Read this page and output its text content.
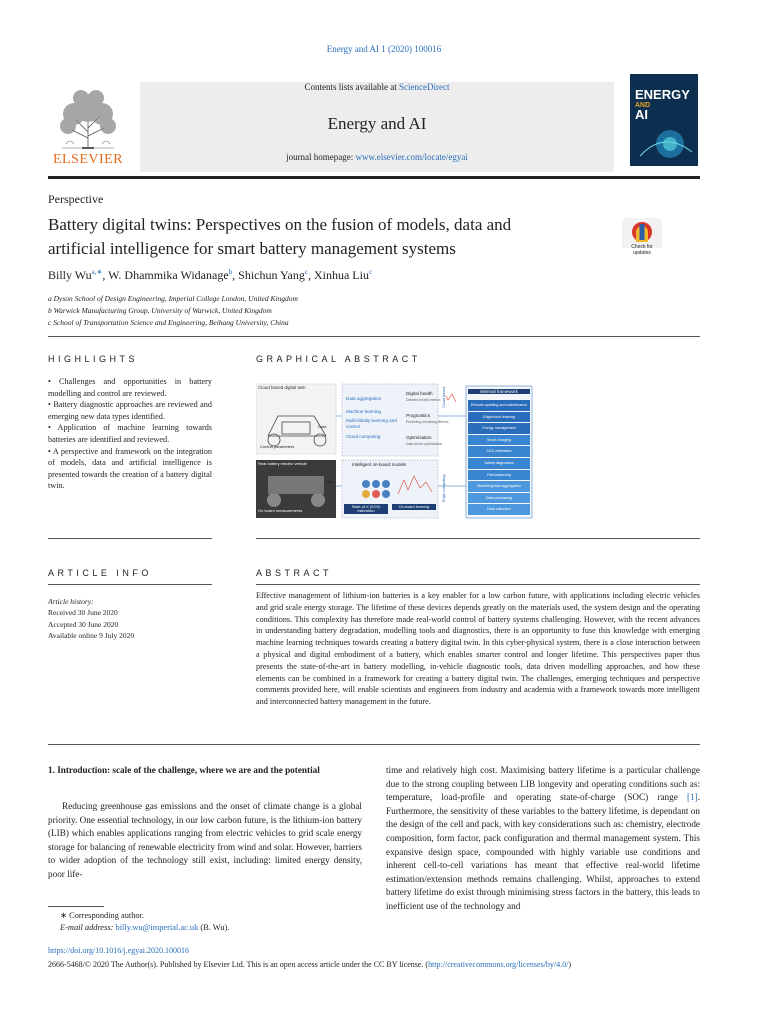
Energy and AI 1 (2020) 100016
ELSEVIER
Contents lists available at ScienceDirect
Energy and AI
journal homepage: www.elsevier.com/locate/egyai
ENERGY
AND
AI
Perspective
Battery digital twins: Perspectives on the fusion of models, data and
artificial intelligence for smart battery management systems	Check for
updates
Billy $Wu^{a,∗}$, W. Dhammika Widanage$^b$, Shichun Yang$^c$, Xinhua Liu$^c$
a Dyson School of Design Engineering, Imperial College London, United Kingdom
b Warwick Manufacturing Group, University of Warwick, United Kingdom
c School of Transportation Science and Engineering, Beihang University, China
HIGHLIGHTS
• Challenges and opportunities in battery modelling and control are reviewed.
• Battery diagnostic approaches are reviewed and emerging new data types identified.
• Application of machine learning towards batteries are identified and reviewed.
• A perspective and framework on the integration of models, data and artificial intelligence is presented towards the creation of a battery digital twin.
GRAPHICAL ABSTRACT
Cloud based digital twin
Data aggregation
Machine learning
Multi-fidelity learning and control
Cloud computing
Digital health
Detailed health metrics
Prognostics
Predicting remaining lifetime
Optimisation
Data driven optimisation
Minimal framework
Remote updating and maintenance
Edge/cloud learning
Energy management
Smart charging
SOC estimation
Safety diagnostics
Fast-balancing
Modelling/data aggregation
Data processing
Data collection
Control parameters
Data
Real battery electric vehicle
On board measurements
Data
Intelligent on-board models
State-of-X (SOX) estimation
On-board learning
Cloud based
Edge computing
ARTICLE INFO
Article history:
Received 30 June 2020
Accepted 30 June 2020
Available online 9 July 2020
ABSTRACT
Effective management of lithium-ion batteries is a key enabler for a low carbon future, with applications including electric vehicles and grid scale energy storage. The lifetime of these devices depends greatly on the materials used, the system design and the operating conditions. This complexity has therefore made real-world control of battery systems challenging. However, with the recent advances in understanding battery degradation, modelling tools and diagnostics, there is an opportunity to fuse this knowledge with emerging machine learning techniques towards creating a battery digital twin. In this cyber-physical system, there is a close interaction between a physical and digital embodiment of a battery, which enables smarter control and longer lifetime. This perspectives paper thus presents the state-of-the-art in battery modelling, in-vehicle diagnostic tools, data driven modelling approaches, and how these elements can be combined in a framework for creating a battery digital twin. The challenges, emerging techniques and perspective comments provided here, will enable scientists and engineers from industry and academia with a framework towards more intelligent and interconnected battery management in the future.
1. Introduction: scale of the challenge, where we are and the potential
Reducing greenhouse gas emissions and the onset of climate change is a global priority. One essential technology, in our low carbon future, is the lithium-ion battery (LIB) which enables applications ranging from electric vehicles to grid scale energy storage for balancing of renewable electricity from wind and solar. However, barriers to wider adoption of the technology still exist, including: limited energy density, poor life-
time and relatively high cost. Maximising battery lifetime is a particular challenge due to the strong coupling between LIB longevity and operating conditions such as: temperature, load-profile and operating state-of-charge (SOC) range [1]. Furthermore, the sensitivity of these variables to the battery lifetime, is dependant on the design of the cell and pack, with key considerations such as: chemistry, electrode composition, form factor, pack configuration and thermal management system. This expansive design space, compounded with highly variable use conditions and inherent cell-to-cell variations has meant that effective real-world lifetime estimation/extension methods remains challenging. Whilst, approaches to extend battery lifetime do exist through minimising stress factors in the battery, this leads to inefficient use of the technology and
∗ Corresponding author.
E-mail address: billy.wu@imperial.ac.uk (B. Wu).
https://doi.org/10.1016/j.egyai.2020.100016
2666-5468/© 2020 The Author(s). Published by Elsevier Ltd. This is an open access article under the CC BY license. (http://creativecommons.org/licenses/by/4.0/)
